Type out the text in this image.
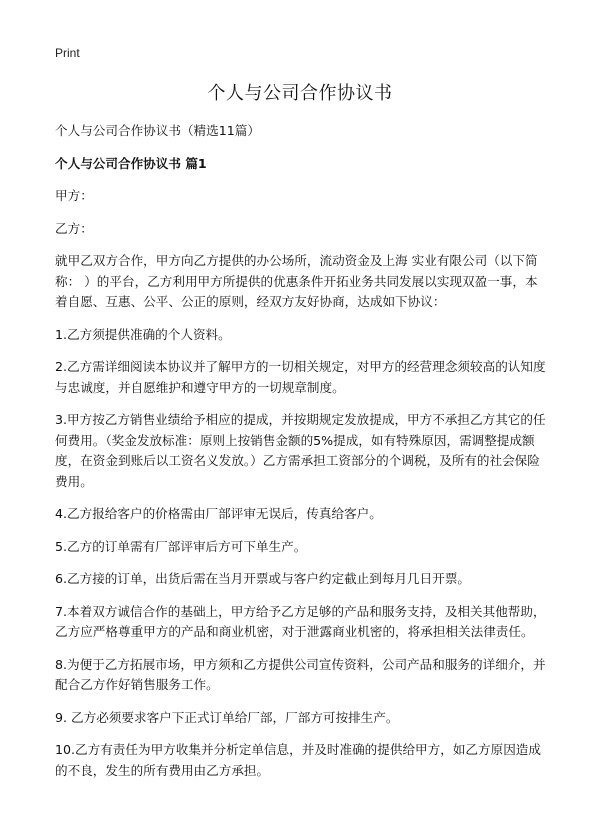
Print
个人与公司合作协议书

个人与公司合作协议书（精选11篇）

个人与公司合作协议书 篇1

甲方：

乙方：

就甲乙双方合作，甲方向乙方提供的办公场所，流动资金及上海 实业有限公司（以下简称： ）的平台，乙方利用甲方所提供的优惠条件开拓业务共同发展以实现双盈一事，本着自愿、互惠、公平、公正的原则，经双方友好协商，达成如下协议：

1.乙方须提供准确的个人资料。

2.乙方需详细阅读本协议并了解甲方的一切相关规定，对甲方的经营理念须较高的认知度与忠诚度，并自愿维护和遵守甲方的一切规章制度。

3.甲方按乙方销售业绩给予相应的提成，并按期规定发放提成，甲方不承担乙方其它的任何费用。（奖金发放标准：原则上按销售金额的5%提成，如有特殊原因，需调整提成额度，在资金到账后以工资名义发放。）乙方需承担工资部分的个调税，及所有的社会保险费用。

4.乙方报给客户的价格需由厂部评审无误后，传真给客户。

5.乙方的订单需有厂部评审后方可下单生产。

6.乙方接的订单，出货后需在当月开票或与客户约定截止到每月几日开票。

7.本着双方诚信合作的基础上，甲方给予乙方足够的产品和服务支持，及相关其他帮助，乙方应严格尊重甲方的产品和商业机密，对于泄露商业机密的，将承担相关法律责任。

8.为便于乙方拓展市场，甲方须和乙方提供公司宣传资料，公司产品和服务的详细介，并配合乙方作好销售服务工作。

9. 乙方必须要求客户下正式订单给厂部，厂部方可按排生产。

10.乙方有责任为甲方收集并分析定单信息，并及时准确的提供给甲方，如乙方原因造成的不良，发生的所有费用由乙方承担。
